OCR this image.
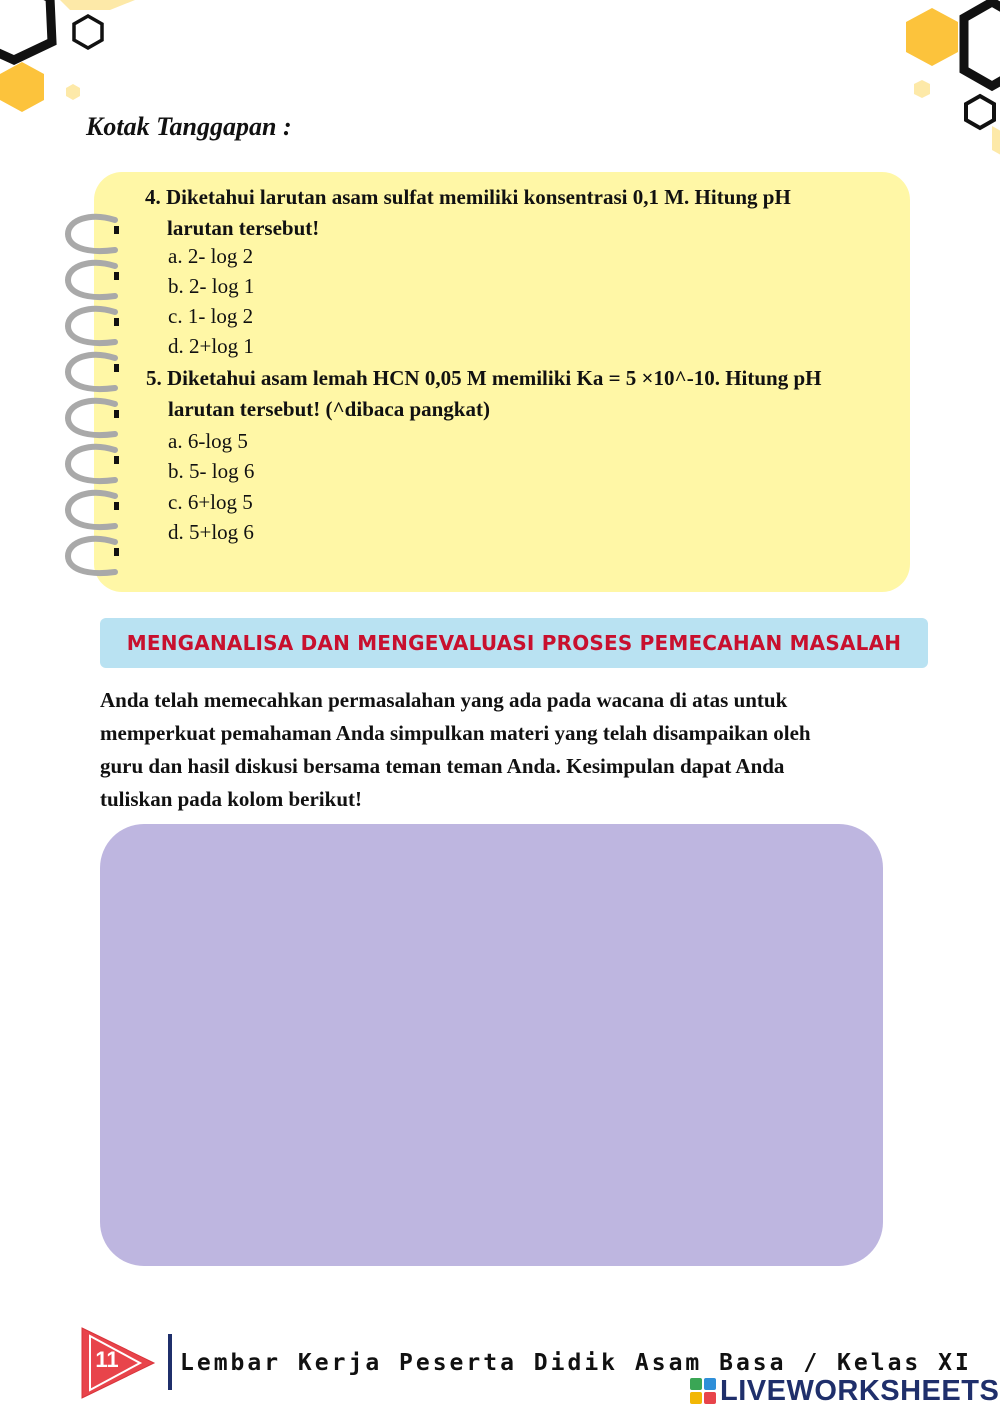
Kotak Tanggapan :
4. Diketahui larutan asam sulfat memiliki konsentrasi 0,1 M. Hitung pH
larutan tersebut!
a. 2- log 2
b. 2- log 1
c. 1- log 2
d. 2+log 1
5. Diketahui asam lemah HCN 0,05 M memiliki Ka = 5 ×10^-10. Hitung pH
larutan tersebut! (^dibaca pangkat)
a. 6-log 5
b. 5- log 6
c. 6+log 5
d. 5+log 6
MENGANALISA DAN MENGEVALUASI PROSES PEMECAHAN MASALAH
Anda telah memecahkan permasalahan yang ada pada wacana di atas untuk
memperkuat pemahaman Anda simpulkan materi yang telah disampaikan oleh
guru dan hasil diskusi bersama teman teman Anda. Kesimpulan dapat Anda
tuliskan pada kolom berikut!
11	Lembar Kerja Peserta Didik Asam Basa / Kelas XI
LIVEWORKSHEETS
